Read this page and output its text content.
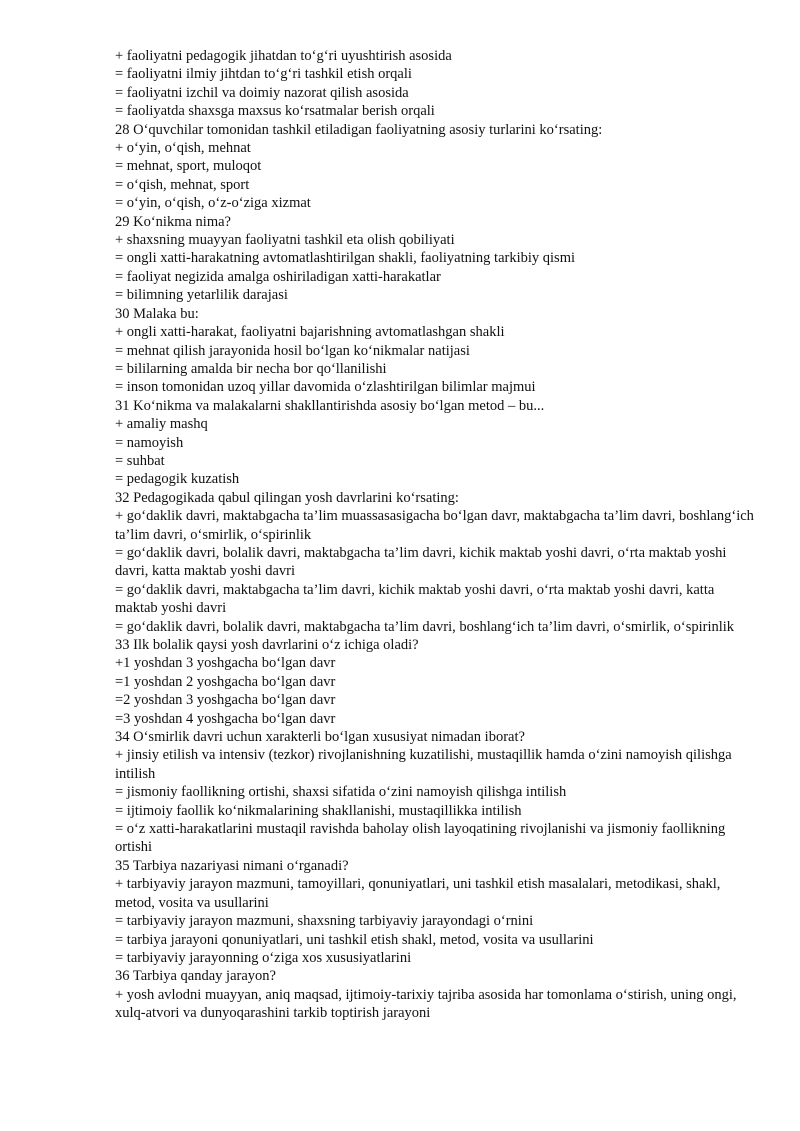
+ faoliyatni pedagogik jihatdan to‘g‘ri uyushtirish asosida

= faoliyatni ilmiy jihtdan to‘g‘ri tashkil etish orqali

= faoliyatni izchil va doimiy nazorat qilish asosida

= faoliyatda shaxsga maxsus ko‘rsatmalar berish orqali

28 O‘quvchilar tomonidan tashkil etiladigan faoliyatning asosiy turlarini ko‘rsating:

+ o‘yin, o‘qish, mehnat

= mehnat, sport, muloqot

= o‘qish, mehnat, sport

= o‘yin, o‘qish, o‘z-o‘ziga xizmat

29 Ko‘nikma nima?

+ shaxsning muayyan faoliyatni tashkil eta olish qobiliyati

= ongli xatti-harakatning avtomatlashtirilgan shakli, faoliyatning tarkibiy qismi

= faoliyat negizida amalga oshiriladigan xatti-harakatlar

= bilimning yetarlilik darajasi

30 Malaka bu:

+ ongli xatti-harakat, faoliyatni bajarishning avtomatlashgan shakli

= mehnat qilish jarayonida hosil bo‘lgan ko‘nikmalar natijasi

= bililarning amalda bir necha bor qo‘llanilishi

= inson tomonidan uzoq yillar davomida o‘zlashtirilgan bilimlar majmui

31 Ko‘nikma va malakalarni shakllantirishda asosiy bo‘lgan metod – bu...

+ amaliy mashq

= namoyish

= suhbat

= pedagogik kuzatish

32 Pedagogikada qabul qilingan yosh davrlarini ko‘rsating:

+ go‘daklik davri, maktabgacha ta’lim muassasasigacha bo‘lgan davr, maktabgacha ta’lim davri, boshlang‘ich ta’lim davri, o‘smirlik, o‘spirinlik

= go‘daklik davri, bolalik davri, maktabgacha ta’lim davri, kichik maktab yoshi davri, o‘rta maktab yoshi davri, katta maktab yoshi davri

= go‘daklik davri, maktabgacha ta’lim davri, kichik maktab yoshi davri, o‘rta maktab yoshi davri, katta maktab yoshi davri

= go‘daklik davri, bolalik davri, maktabgacha ta’lim davri, boshlang‘ich ta’lim davri, o‘smirlik, o‘spirinlik

33 Ilk bolalik qaysi yosh davrlarini o‘z ichiga oladi?

+1 yoshdan 3 yoshgacha bo‘lgan davr

=1 yoshdan 2 yoshgacha bo‘lgan davr

=2 yoshdan 3 yoshgacha bo‘lgan davr

=3 yoshdan 4 yoshgacha bo‘lgan davr

34 O‘smirlik davri uchun xarakterli bo‘lgan xususiyat nimadan iborat?

+ jinsiy etilish va intensiv (tezkor) rivojlanishning kuzatilishi, mustaqillik hamda o‘zini namoyish qilishga intilish

= jismoniy faollikning ortishi, shaxsi sifatida o‘zini namoyish qilishga intilish

= ijtimoiy faollik ko‘nikmalarining shakllanishi, mustaqillikka intilish

= o‘z xatti-harakatlarini mustaqil ravishda baholay olish layoqatining rivojlanishi va jismoniy faollikning ortishi

35 Tarbiya nazariyasi nimani o‘rganadi?

+ tarbiyaviy jarayon mazmuni, tamoyillari, qonuniyatlari, uni tashkil etish masalalari, metodikasi, shakl, metod, vosita va usullarini

= tarbiyaviy jarayon mazmuni, shaxsning tarbiyaviy jarayondagi o‘rnini

= tarbiya jarayoni qonuniyatlari, uni tashkil etish shakl, metod, vosita va usullarini

= tarbiyaviy jarayonning o‘ziga xos xususiyatlarini

36 Tarbiya qanday jarayon?

+ yosh avlodni muayyan, aniq maqsad, ijtimoiy-tarixiy tajriba asosida har tomonlama o‘stirish, uning ongi, xulq-atvori va dunyoqarashini tarkib toptirish jarayoni
